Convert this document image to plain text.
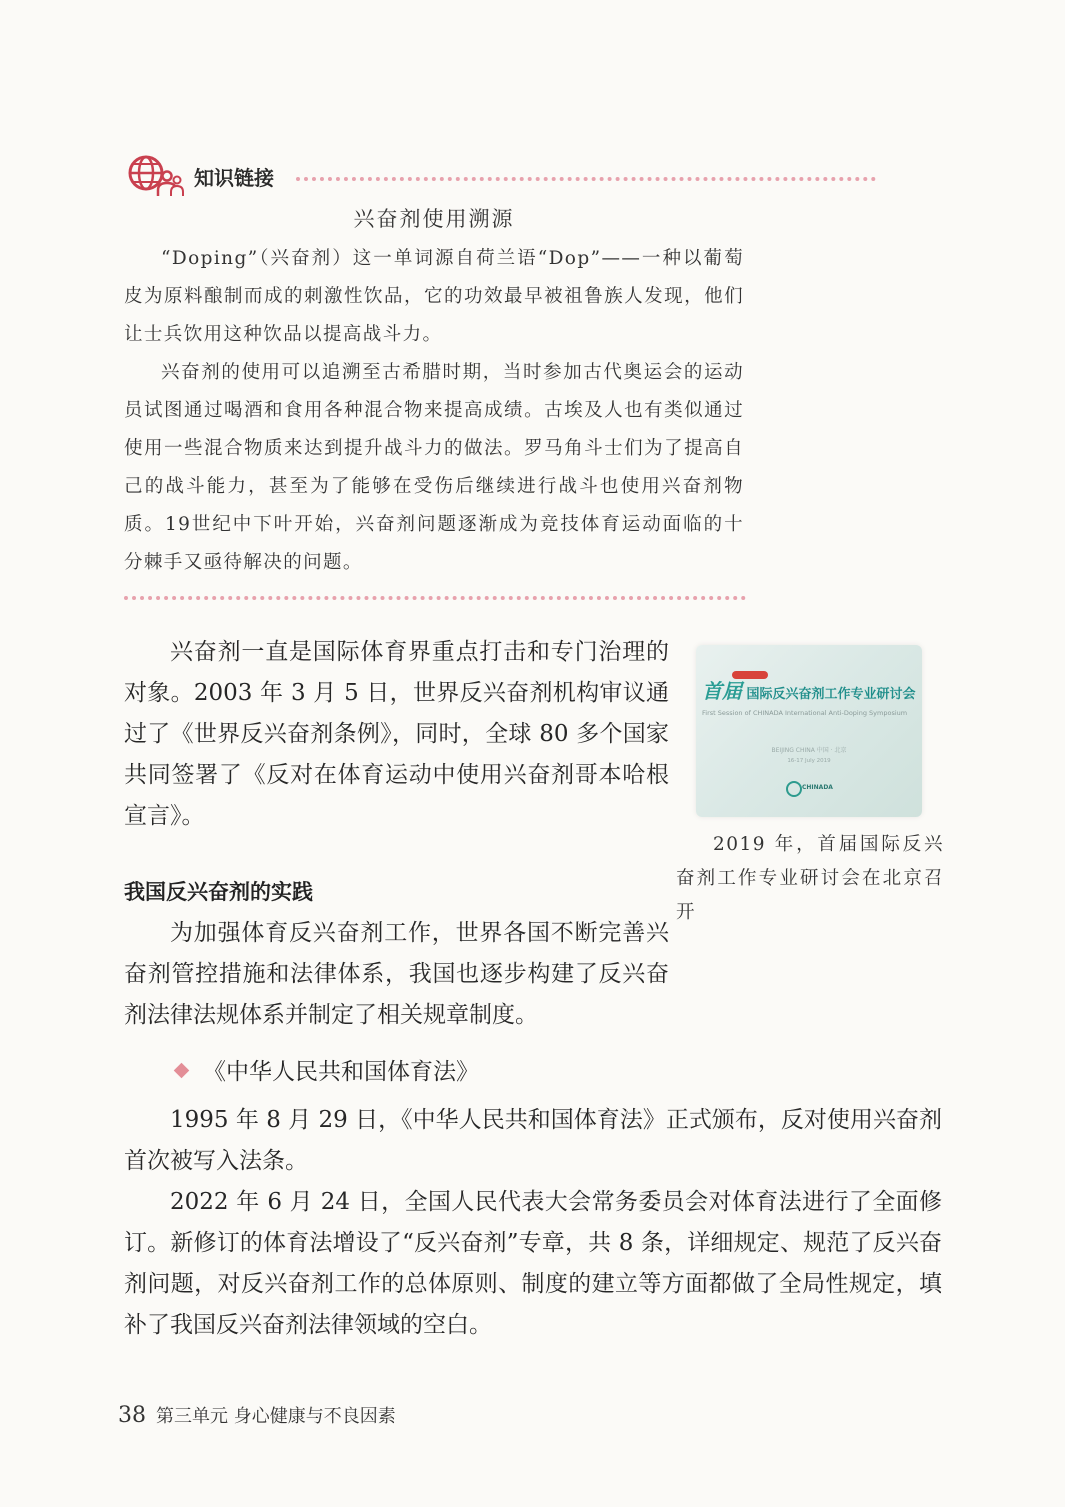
知识链接
兴奋剂使用溯源

“Doping”（兴奋剂）这一单词源自荷兰语“Dop”——一种以葡萄皮为原料酿制而成的刺激性饮品，它的功效最早被祖鲁族人发现，他们让士兵饮用这种饮品以提高战斗力。

兴奋剂的使用可以追溯至古希腊时期，当时参加古代奥运会的运动员试图通过喝酒和食用各种混合物来提高成绩。古埃及人也有类似通过使用一些混合物质来达到提升战斗力的做法。罗马角斗士们为了提高自己的战斗能力，甚至为了能够在受伤后继续进行战斗也使用兴奋剂物质。19世纪中下叶开始，兴奋剂问题逐渐成为竞技体育运动面临的十分棘手又亟待解决的问题。

兴奋剂一直是国际体育界重点打击和专门治理的对象。2003 年 3 月 5 日，世界反兴奋剂机构审议通过了《世界反兴奋剂条例》，同时，全球 80 多个国家共同签署了《反对在体育运动中使用兴奋剂哥本哈根宣言》。

首届 国际反兴奋剂工作专业研讨会
First Session of CHINADA International Anti-Doping Symposium
BEIJING CHINA 中国 · 北京
16-17 July 2019
CHINADA

2019 年，首届国际反兴奋剂工作专业研讨会在北京召开

我国反兴奋剂的实践

为加强体育反兴奋剂工作，世界各国不断完善兴奋剂管控措施和法律体系，我国也逐步构建了反兴奋剂法律法规体系并制定了相关规章制度。

《中华人民共和国体育法》

1995 年 8 月 29 日，《中华人民共和国体育法》正式颁布，反对使用兴奋剂首次被写入法条。

2022 年 6 月 24 日，全国人民代表大会常务委员会对体育法进行了全面修订。新修订的体育法增设了“反兴奋剂”专章，共 8 条，详细规定、规范了反兴奋剂问题，对反兴奋剂工作的总体原则、制度的建立等方面都做了全局性规定，填补了我国反兴奋剂法律领域的空白。

38 第三单元 身心健康与不良因素
